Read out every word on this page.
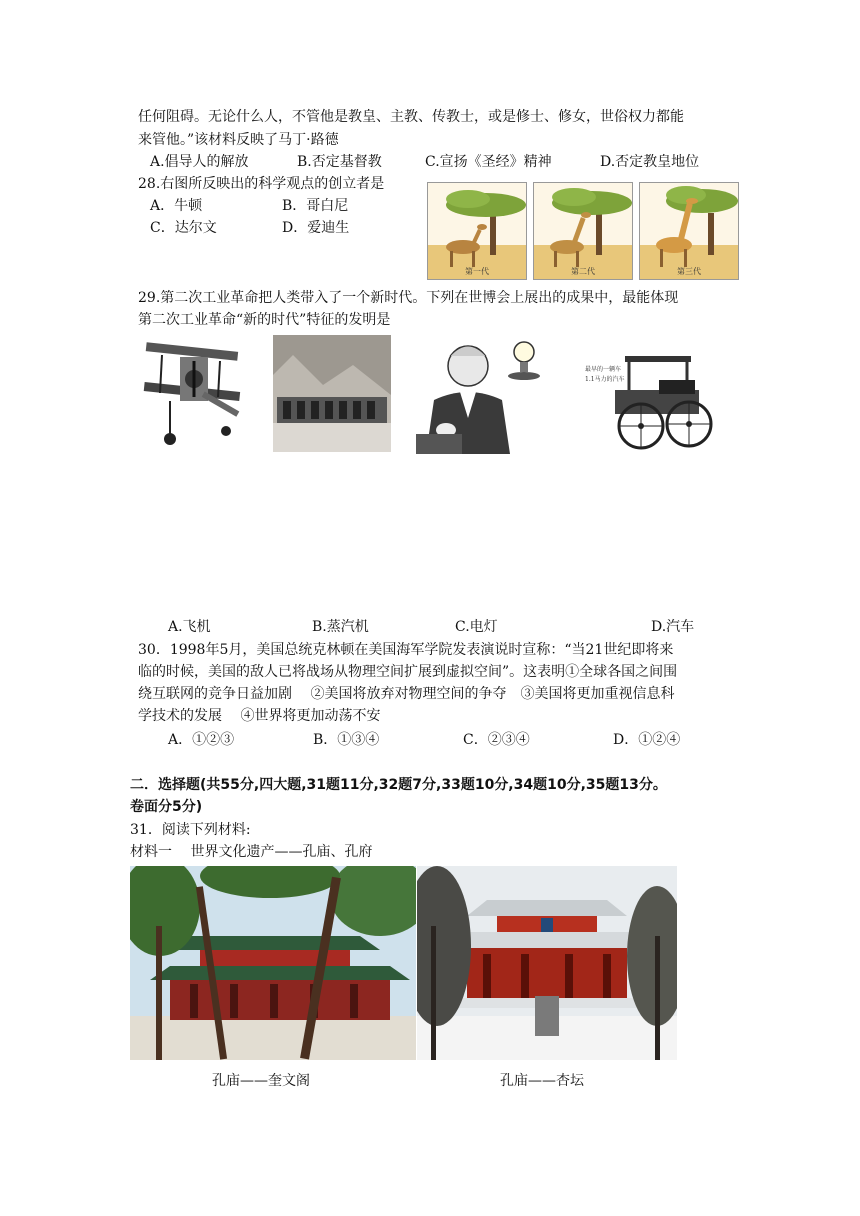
任何阻碍。无论什么人，不管他是教皇、主教、传教士，或是修士、修女，世俗权力都能
来管他。”该材料反映了马丁·路德
A.倡导人的解放	B.否定基督教	C.宣扬《圣经》精神	D.否定教皇地位
28.右图所反映出的科学观点的创立者是
A．牛顿	B．哥白尼
C．达尔文	D．爱迪生
第一代	第二代	第三代
29.第二次工业革命把人类带入了一个新时代。下列在世博会上展出的成果中，最能体现
第二次工业革命“新的时代”特征的发明是
最早的一辆车
1.1马力的汽车
A.飞机	B.蒸汽机	C.电灯	D.汽车
30．1998年5月，美国总统克林顿在美国海军学院发表演说时宣称：“当21世纪即将来
临的时候，美国的敌人已将战场从物理空间扩展到虚拟空间”。这表明①全球各国之间围
绕互联网的竞争日益加剧　 ②美国将放弃对物理空间的争夺　③美国将更加重视信息科
学技术的发展　 ④世界将更加动荡不安
A．①②③	B．①③④	C．②③④	D．①②④
二．选择题(共55分,四大题,31题11分,32题7分,33题10分,34题10分,35题13分。
卷面分5分)
31．阅读下列材料:
材料一　 世界文化遗产——孔庙、孔府
孔庙——奎文阁	孔庙——杏坛
